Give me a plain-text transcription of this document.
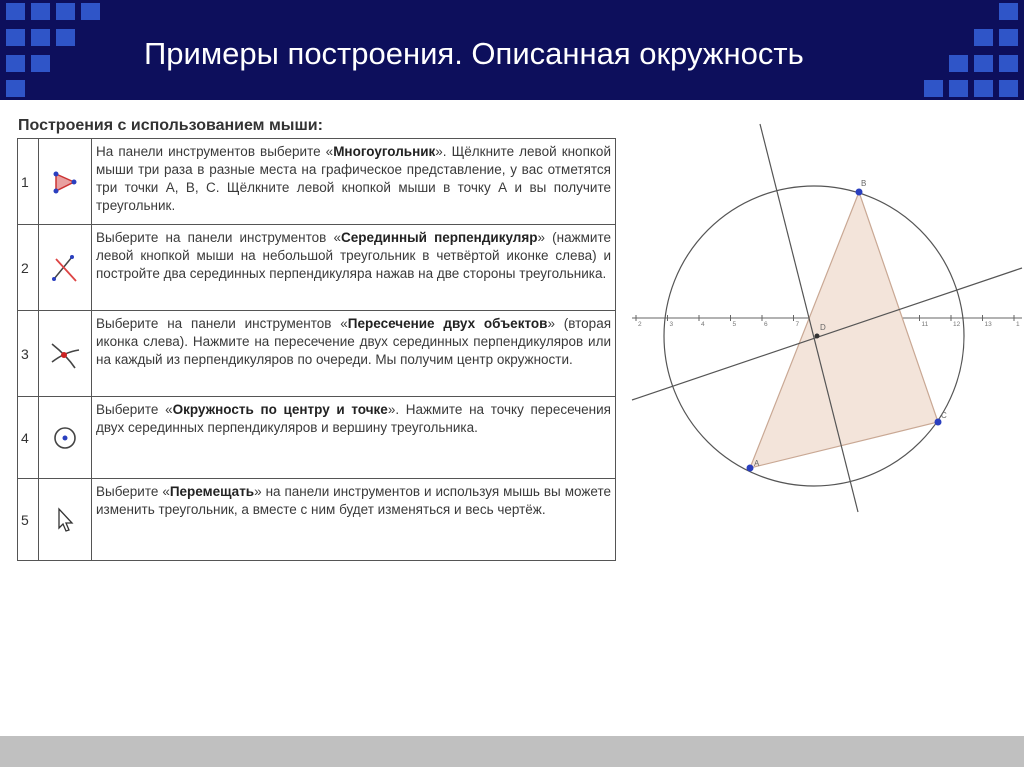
Примеры построения. Описанная окружность
Построения с использованием мыши:
1		На панели инструментов выберите «Многоугольник». Щёлкните левой кнопкой мыши три раза в разные места на графическое представление, у вас отметятся три точки А, В, С. Щёлкните левой кнопкой мыши в точку А и вы получите треугольник.
2		Выберите на панели инструментов «Серединный перпендикуляр» (нажмите левой кнопкой мыши на небольшой треугольник в четвёртой иконке слева) и постройте два серединных перпендикуляра нажав на две стороны треугольника.
3		Выберите на панели инструментов «Пересечение двух объектов» (вторая иконка слева). Нажмите на пересечение двух серединных перпендикуляров или на каждый из перпендикуляров по очереди. Мы получим центр окружности.
4		Выберите «Окружность по центру и точке». Нажмите на точку пересечения двух серединных перпендикуляров и вершину треугольника.
5		Выберите «Перемещать» на панели инструментов и используя мышь вы можете изменить треугольник, а вместе с ним будет изменяться и весь чертёж.
2	3	4	5	6	7	11	12	13	1
A
B
C
D
